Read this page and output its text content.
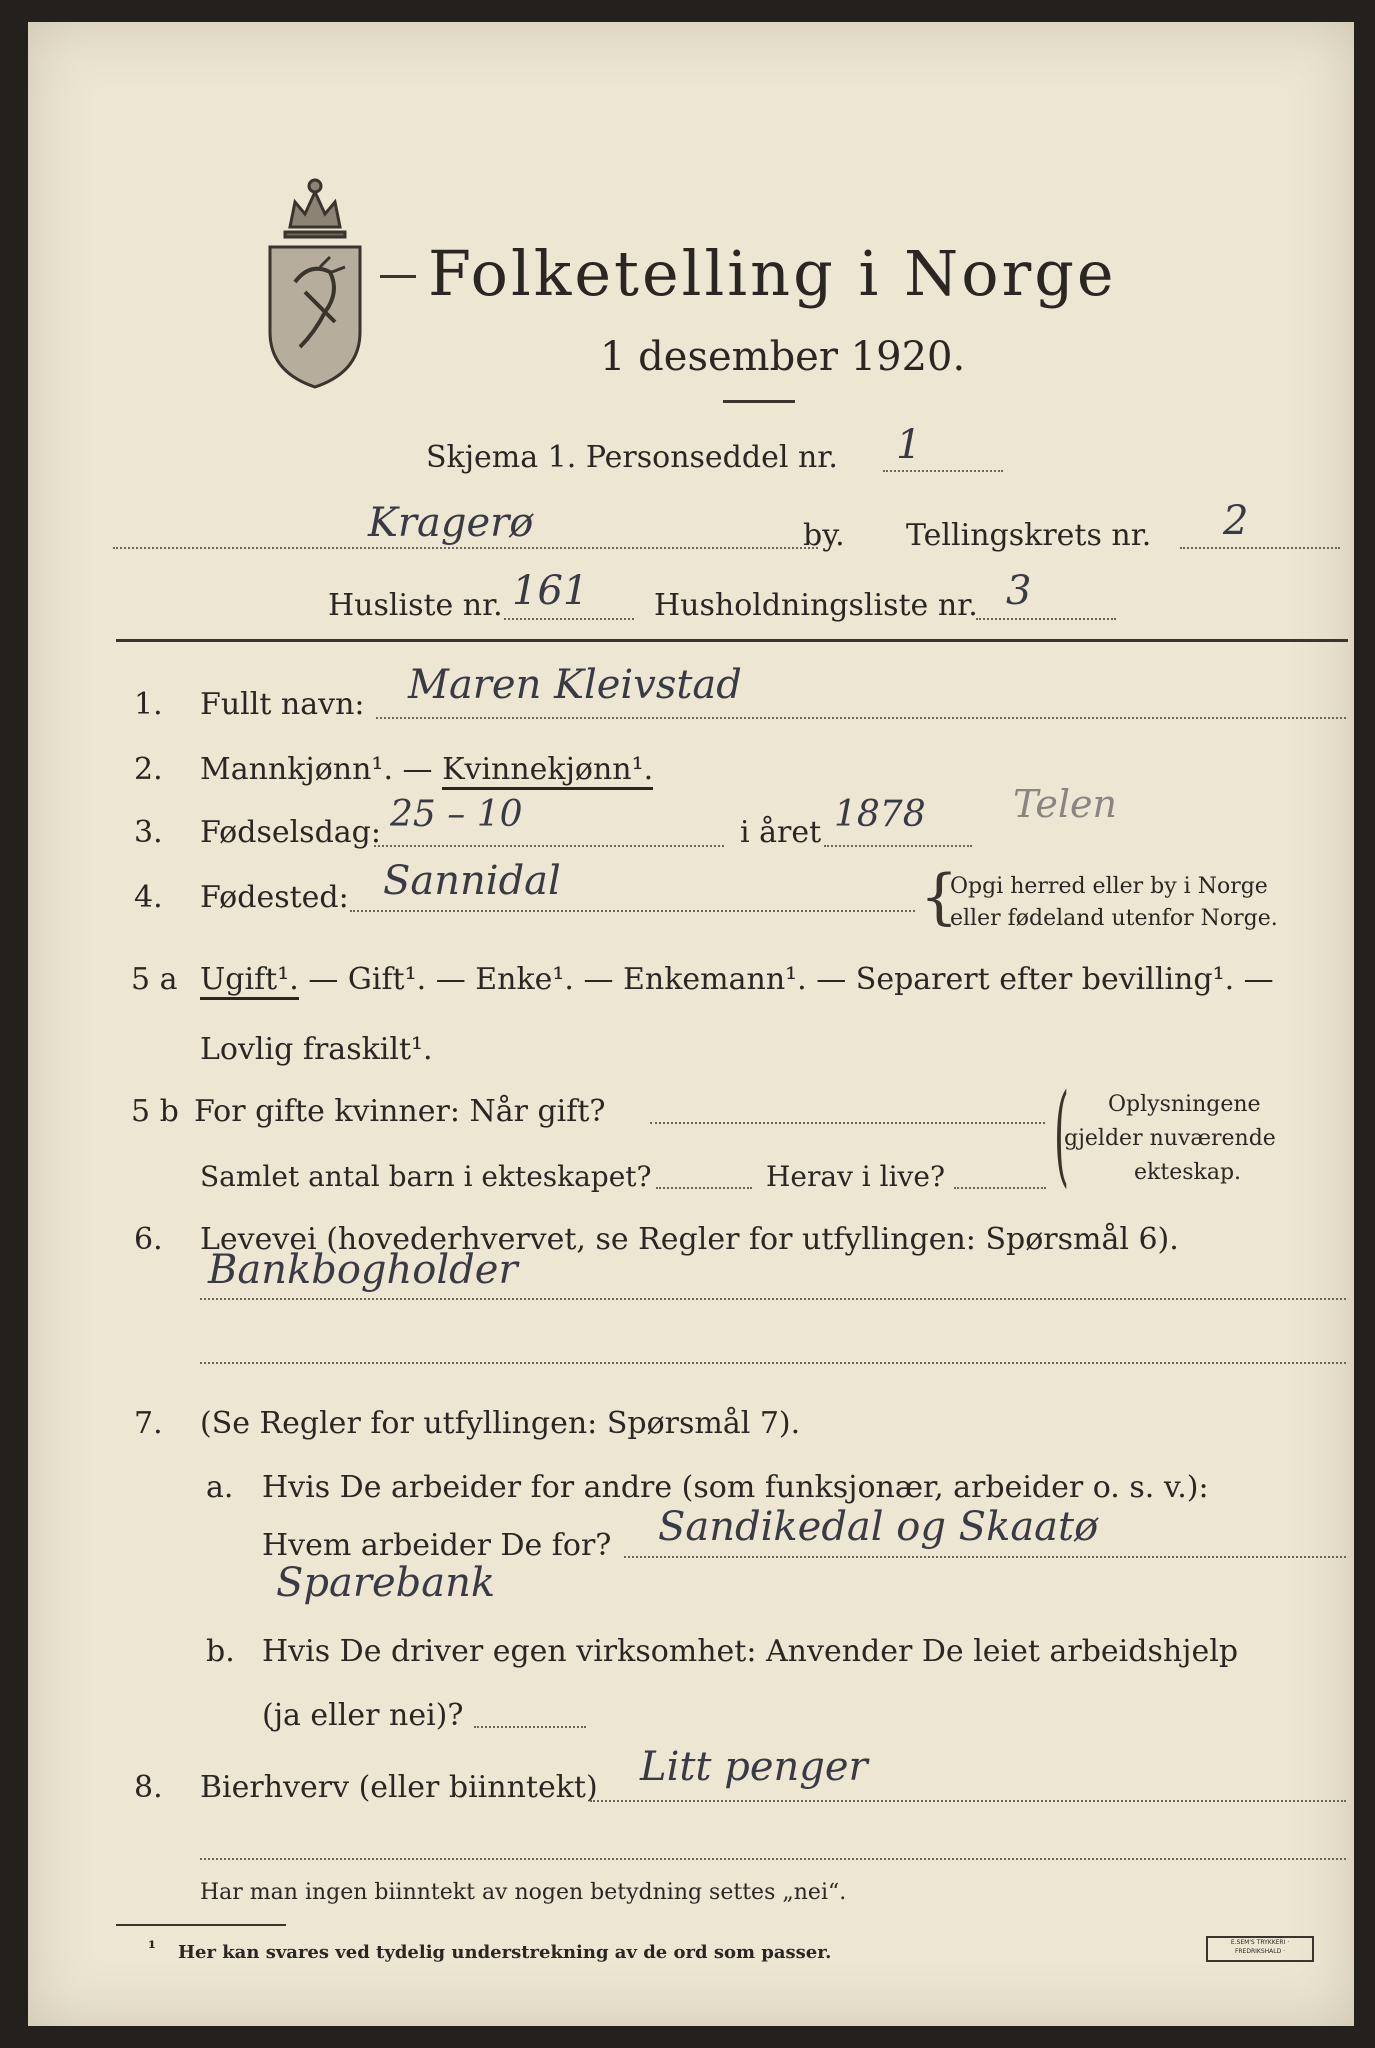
Folketelling i Norge
1 desember 1920.
Skjema 1. Personseddel nr. 1
Kragerø	by. Tellingskrets nr. 2
Husliste nr. 161 Husholdningsliste nr. 3
1. Fullt navn: Maren Kleivstad
2. Mannkjønn¹. — Kvinnekjønn¹.
3. Fødselsdag: 25 – 10	i året 1878 Telen
4. Fødested: Sannidal	{
Opgi herred eller by i Norge
eller fødeland utenfor Norge.
5 a Ugift¹. — Gift¹. — Enke¹. — Enkemann¹. — Separert efter bevilling¹. —
Lovlig fraskilt¹.
5 b For gifte kvinner: Når gift?
Samlet antal barn i ekteskapet?	Herav i live? ( Oplysningene
gjelder nuværende
ekteskap.
6. Levevei (hovederhvervet, se Regler for utfyllingen: Spørsmål 6).
Bankbogholder
7. (Se Regler for utfyllingen: Spørsmål 7).
a. Hvis De arbeider for andre (som funksjonær, arbeider o. s. v.):
Hvem arbeider De for? Sandikedal og Skaatø
Sparebank
b. Hvis De driver egen virksomhet: Anvender De leiet arbeidshjelp
(ja eller nei)?
8. Bierhverv (eller biinntekt) Litt penger
Har man ingen biinntekt av nogen betydning settes „nei“.
¹ Her kan svares ved tydelig understrekning av de ord som passer.	E.SEM'S TRYKKERI · FREDRIKSHALD ·
